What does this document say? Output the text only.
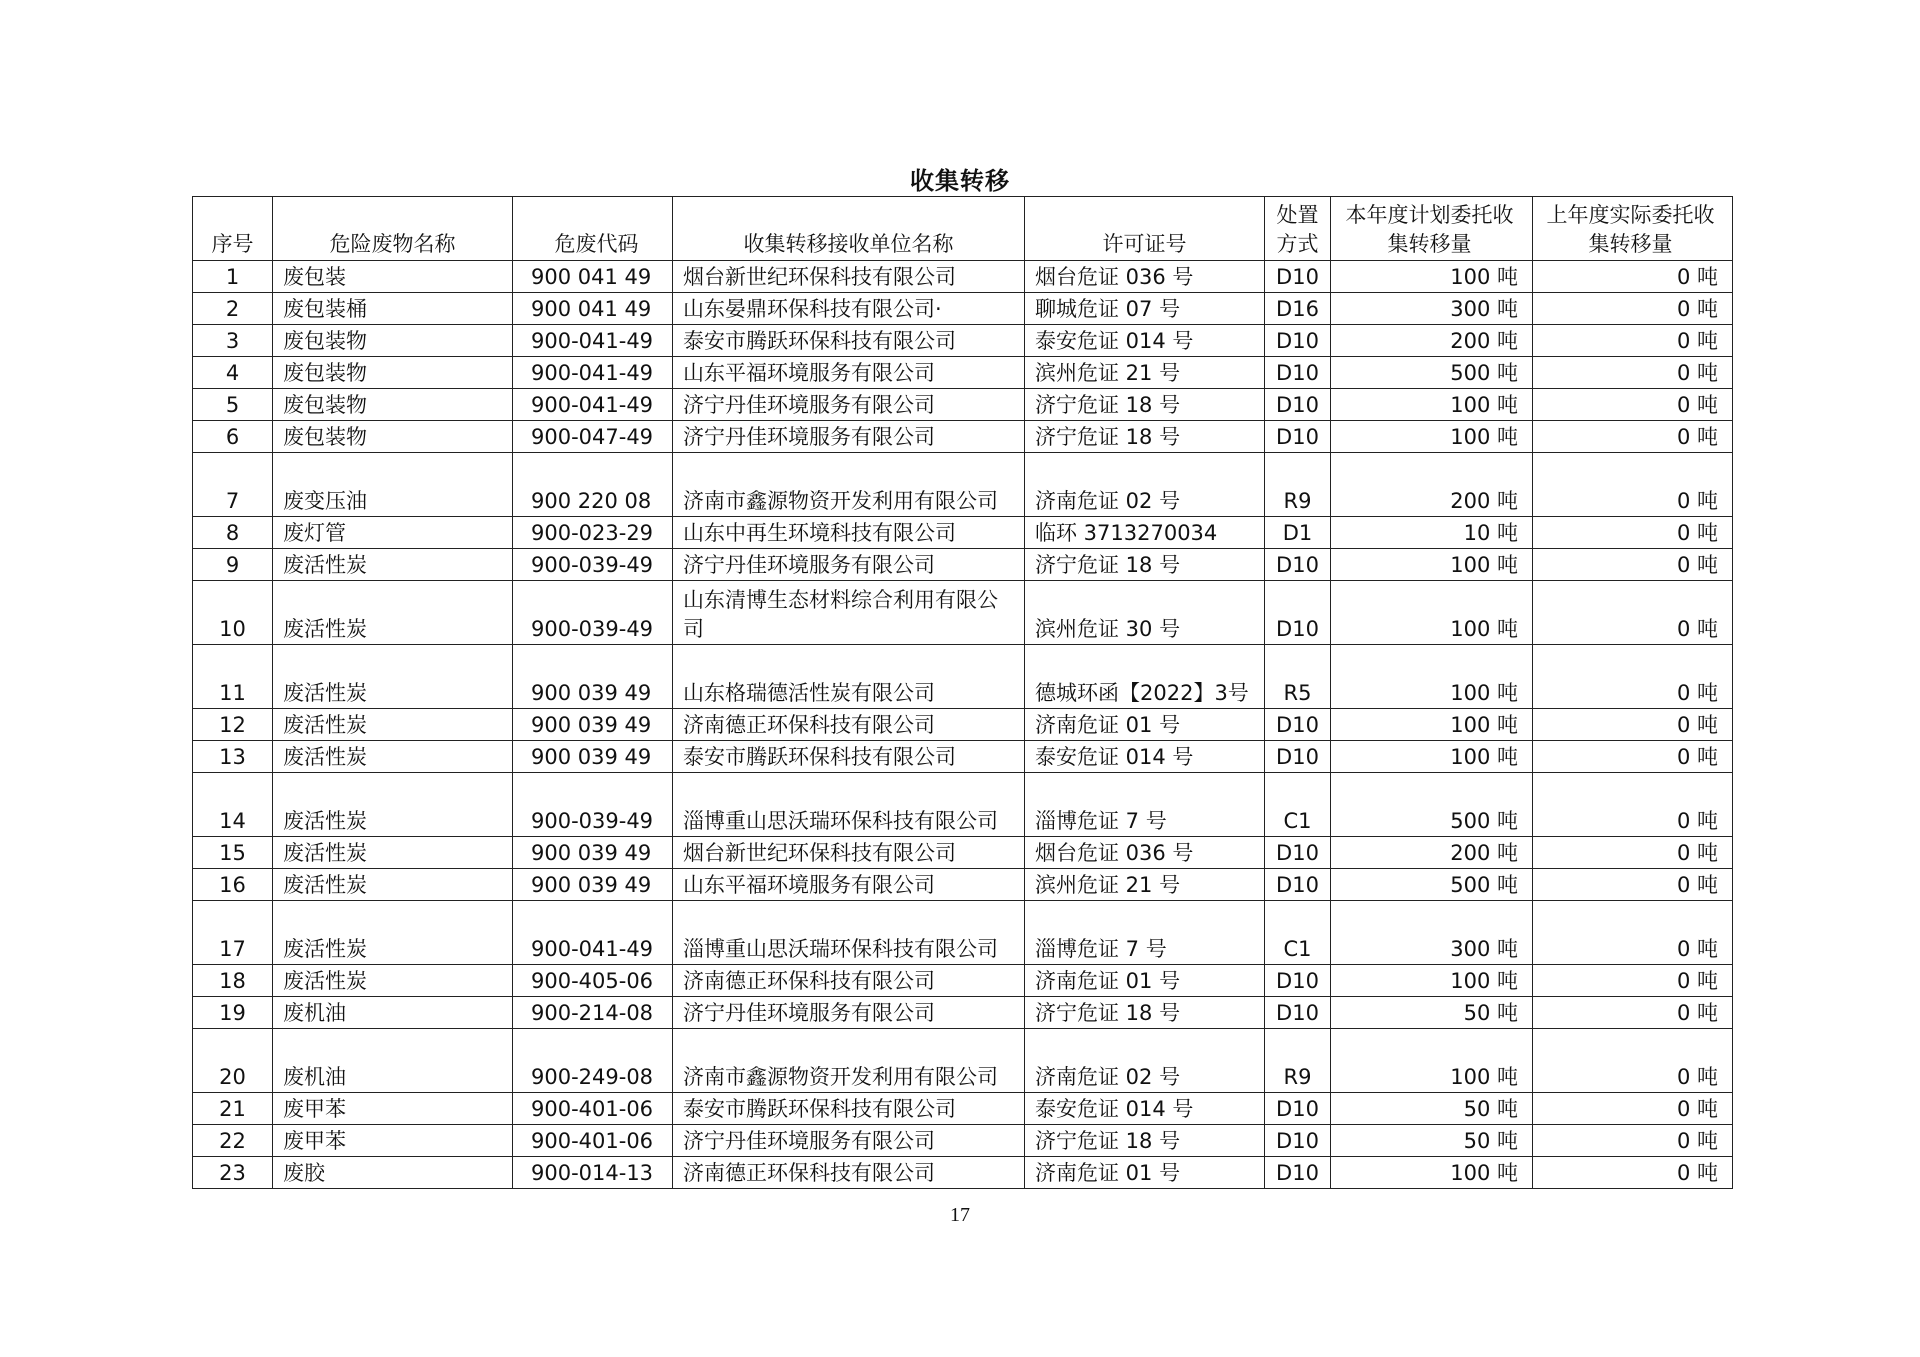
收集转移
序号	危险废物名称	危废代码	收集转移接收单位名称	许可证号	处置方式	本年度计划委托收集转移量	上年度实际委托收集转移量
1	废包装	900 041 49	烟台新世纪环保科技有限公司	烟台危证 036 号	D10	100 吨	0 吨
2	废包装桶	900 041 49	山东晏鼎环保科技有限公司·	聊城危证 07 号	D16	300 吨	0 吨
3	废包装物	900-041-49	泰安市腾跃环保科技有限公司	泰安危证 014 号	D10	200 吨	0 吨
4	废包装物	900-041-49	山东平福环境服务有限公司	滨州危证 21 号	D10	500 吨	0 吨
5	废包装物	900-041-49	济宁丹佳环境服务有限公司	济宁危证 18 号	D10	100 吨	0 吨
6	废包装物	900-047-49	济宁丹佳环境服务有限公司	济宁危证 18 号	D10	100 吨	0 吨
7	废变压油	900 220 08	济南市鑫源物资开发利用有限公司	济南危证 02 号	R9	200 吨	0 吨
8	废灯管	900-023-29	山东中再生环境科技有限公司	临环 3713270034	D1	10 吨	0 吨
9	废活性炭	900-039-49	济宁丹佳环境服务有限公司	济宁危证 18 号	D10	100 吨	0 吨
10	废活性炭	900-039-49	山东清博生态材料综合利用有限公司	滨州危证 30 号	D10	100 吨	0 吨
11	废活性炭	900 039 49	山东格瑞德活性炭有限公司	德城环函【2022】3号	R5	100 吨	0 吨
12	废活性炭	900 039 49	济南德正环保科技有限公司	济南危证 01 号	D10	100 吨	0 吨
13	废活性炭	900 039 49	泰安市腾跃环保科技有限公司	泰安危证 014 号	D10	100 吨	0 吨
14	废活性炭	900-039-49	淄博重山思沃瑞环保科技有限公司	淄博危证 7 号	C1	500 吨	0 吨
15	废活性炭	900 039 49	烟台新世纪环保科技有限公司	烟台危证 036 号	D10	200 吨	0 吨
16	废活性炭	900 039 49	山东平福环境服务有限公司	滨州危证 21 号	D10	500 吨	0 吨
17	废活性炭	900-041-49	淄博重山思沃瑞环保科技有限公司	淄博危证 7 号	C1	300 吨	0 吨
18	废活性炭	900-405-06	济南德正环保科技有限公司	济南危证 01 号	D10	100 吨	0 吨
19	废机油	900-214-08	济宁丹佳环境服务有限公司	济宁危证 18 号	D10	50 吨	0 吨
20	废机油	900-249-08	济南市鑫源物资开发利用有限公司	济南危证 02 号	R9	100 吨	0 吨
21	废甲苯	900-401-06	泰安市腾跃环保科技有限公司	泰安危证 014 号	D10	50 吨	0 吨
22	废甲苯	900-401-06	济宁丹佳环境服务有限公司	济宁危证 18 号	D10	50 吨	0 吨
23	废胶	900-014-13	济南德正环保科技有限公司	济南危证 01 号	D10	100 吨	0 吨
17
